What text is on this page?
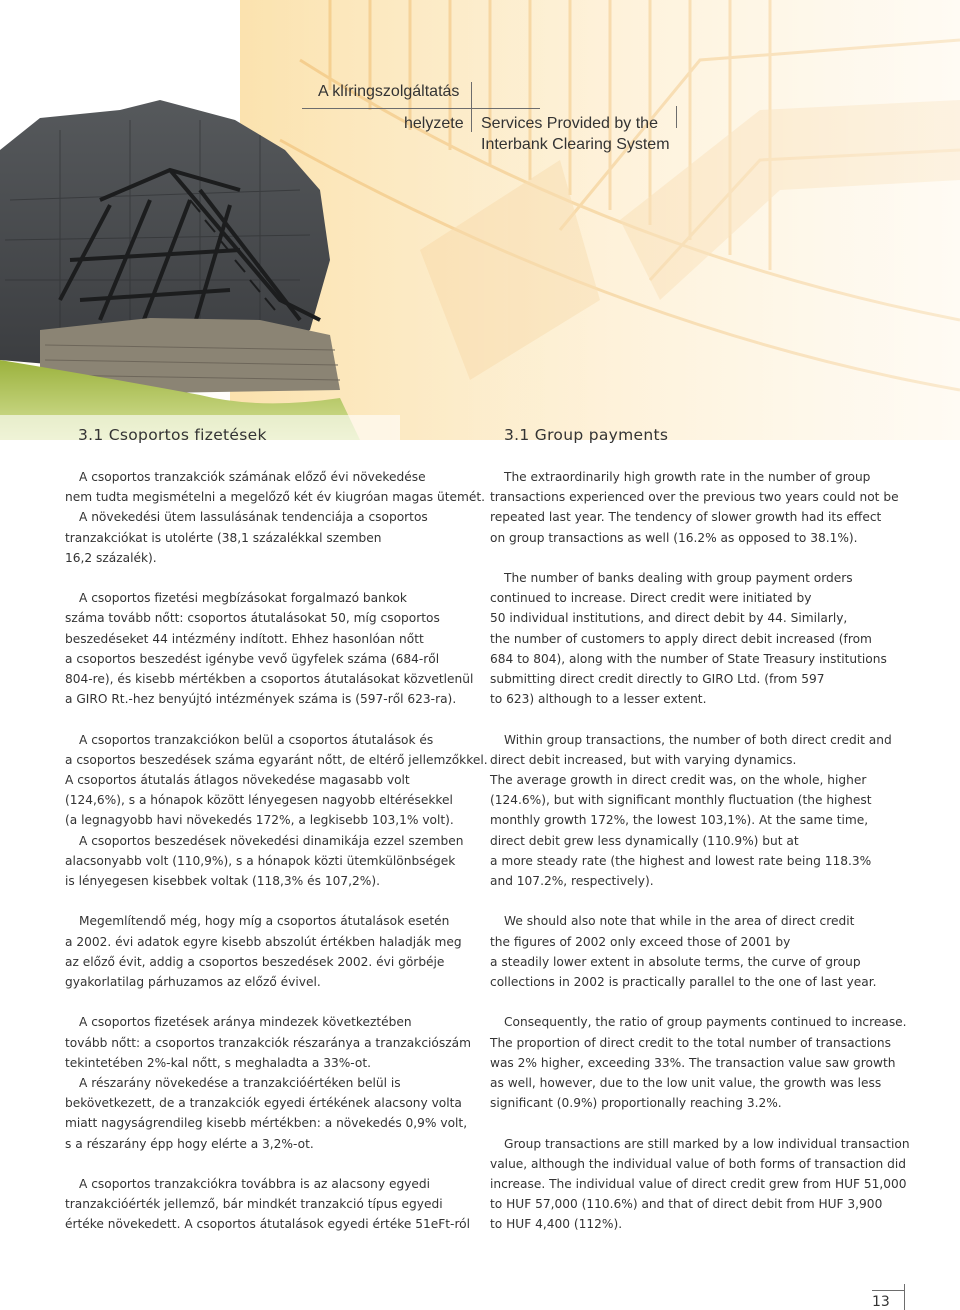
A klíringszolgáltatás
helyzete Services Provided by the
Interbank Clearing System
3.1 Csoportos fizetések	3.1 Group payments

A csoportos tranzakciók számának előző évi növekedése

nem tudta megismételni a megelőző két év kiugróan magas ütemét.

A növekedési ütem lassulásának tendenciája a csoportos

tranzakciókat is utolérte (38,1 százalékkal szemben

16,2 százalék).

A csoportos fizetési megbízásokat forgalmazó bankok

száma tovább nőtt: csoportos átutalásokat 50, míg csoportos

beszedéseket 44 intézmény indított. Ehhez hasonlóan nőtt

a csoportos beszedést igénybe vevő ügyfelek száma (684-ről

804-re), és kisebb mértékben a csoportos átutalásokat közvetlenül

a GIRO Rt.-hez benyújtó intézmények száma is (597-ről 623-ra).

A csoportos tranzakciókon belül a csoportos átutalások és

a csoportos beszedések száma egyaránt nőtt, de eltérő jellemzőkkel.

A csoportos átutalás átlagos növekedése magasabb volt

(124,6%), s a hónapok között lényegesen nagyobb eltérésekkel

(a legnagyobb havi növekedés 172%, a legkisebb 103,1% volt).

A csoportos beszedések növekedési dinamikája ezzel szemben

alacsonyabb volt (110,9%), s a hónapok közti ütemkülönbségek

is lényegesen kisebbek voltak (118,3% és 107,2%).

Megemlítendő még, hogy míg a csoportos átutalások esetén

a 2002. évi adatok egyre kisebb abszolút értékben haladják meg

az előző évit, addig a csoportos beszedések 2002. évi görbéje

gyakorlatilag párhuzamos az előző évivel.

A csoportos fizetések aránya mindezek következtében

tovább nőtt: a csoportos tranzakciók részaránya a tranzakciószám

tekintetében 2%-kal nőtt, s meghaladta a 33%-ot.

A részarány növekedése a tranzakcióértéken belül is

bekövetkezett, de a tranzakciók egyedi értékének alacsony volta

miatt nagyságrendileg kisebb mértékben: a növekedés 0,9% volt,

s a részarány épp hogy elérte a 3,2%-ot.

A csoportos tranzakciókra továbbra is az alacsony egyedi

tranzakcióérték jellemző, bár mindkét tranzakció típus egyedi

értéke növekedett. A csoportos átutalások egyedi értéke 51eFt-ról

The extraordinarily high growth rate in the number of group

transactions experienced over the previous two years could not be

repeated last year. The tendency of slower growth had its effect

on group transactions as well (16.2% as opposed to 38.1%).

The number of banks dealing with group payment orders

continued to increase. Direct credit were initiated by

50 individual institutions, and direct debit by 44. Similarly,

the number of customers to apply direct debit increased (from

684 to 804), along with the number of State Treasury institutions

submitting direct credit directly to GIRO Ltd. (from 597

to 623) although to a lesser extent.

Within group transactions, the number of both direct credit and

direct debit increased, but with varying dynamics.

The average growth in direct credit was, on the whole, higher

(124.6%), but with significant monthly fluctuation (the highest

monthly growth 172%, the lowest 103,1%). At the same time,

direct debit grew less dynamically (110.9%) but at

a more steady rate (the highest and lowest rate being 118.3%

and 107.2%, respectively).

We should also note that while in the area of direct credit

the figures of 2002 only exceed those of 2001 by

a steadily lower extent in absolute terms, the curve of group

collections in 2002 is practically parallel to the one of last year.

Consequently, the ratio of group payments continued to increase.

The proportion of direct credit to the total number of transactions

was 2% higher, exceeding 33%. The transaction value saw growth

as well, however, due to the low unit value, the growth was less

significant (0.9%) proportionally reaching 3.2%.

Group transactions are still marked by a low individual transaction

value, although the individual value of both forms of transaction did

increase. The individual value of direct credit grew from HUF 51,000

to HUF 57,000 (110.6%) and that of direct debit from HUF 3,900

to HUF 4,400 (112%).

13
